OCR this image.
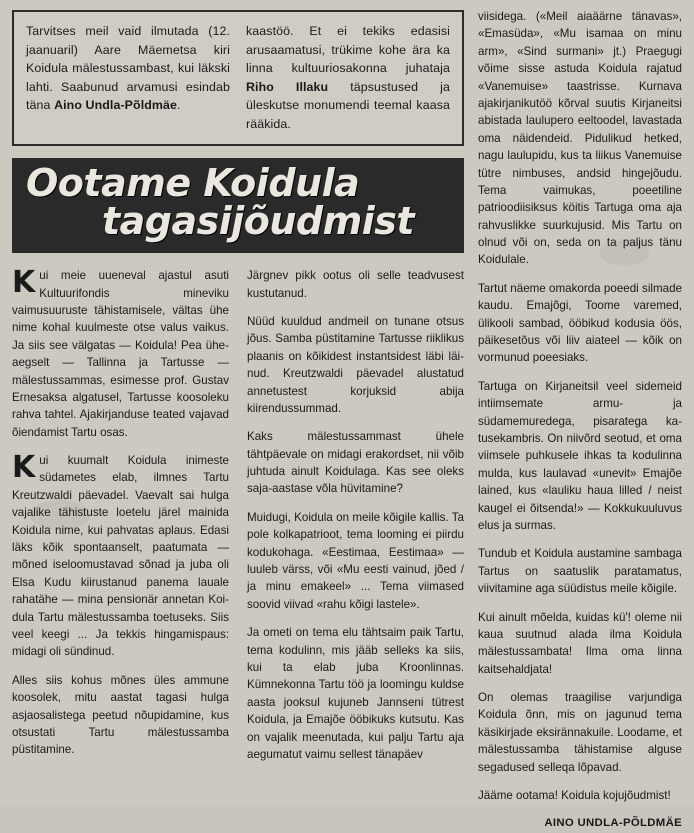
Tarvitses meil vaid ilmutada (12. jaanuaril) Aare Mäemetsa kiri Koidula mälestussambast, kui läkski lahti. Saabunud arvamusi esindab täna Aino Undla-Põldmäe.
kaastöö. Et ei tekiks edasisi arusaamatusi, trükime kohe ära ka linna kultuuriosakonna juhataja Riho Illaku täpsustused ja üleskutse monumendi teemal kaasa rääkida.
Ootame Koidula
tagasijõudmist

Kui meie uueneval ajastul asuti Kultuurifondis mineviku vaimusuuruste tähistamisele, vältas ühe nime kohal kuulmeste otse valus vaikus. Ja siis see välgatas — Koidula! Pea üheaegselt — Tallinna ja Tartusse — mälestussammas, esimesse prof. Gustav Ernesaksa algatusel, Tartusse koosoleku rahva tahtel. Ajakirjanduse teated vajavad õiendamist Tartu osas.

Kui kuumalt Koidula inimeste südametes elab, ilmnes Tartu Kreutzwaldi päevadel. Vaevalt sai hulga vajalike tähistuste loetelu järel mainida Koidula nime, kui pahvatas aplaus. Edasi läks kõik spontaanselt, paatumata — mõned iseloomustavad sõnad ja juba oli Elsa Kudu kiirustanud panema lauale rahatähe — mina pensionär annetan Koidula Tartu mälestussamba toetuseks. Siis veel keegi ... Ja tekkis hingamispaus: midagi oli sündinud.

Alles siis kohus mõnes üles ammune koosolek, mitu aastat tagasi hulga asjaosalistega peetud nõupidamine, kus otsustati Tartu mälestussamba püstitamine.

Järgnev pikk ootus oli selle teadvusest kustutanud.

Nüüd kuuldud andmeil on tunane otsus jõus. Samba püstitamine Tartusse riiklikus plaanis on kõikidest instantsidest läbi läinud. Kreutzwaldi päevadel alustatud annetustest korjuksid abija kiirendussummad.

Kaks mälestussammast ühele tähtpäevale on midagi erakordset, nii võib juhtuda ainult Koidulaga. Kas see oleks saja-aastase võla hüvitamine?

Muidugi, Koidula on meile kõigile kallis. Ta pole kolkapatrioot, tema looming ei piirdu kodukohaga. «Eestimaa, Eestimaa» — luuleb värss, või «Mu eesti vainud, jõed / ja minu emakeel» ... Tema viimased soovid viivad «rahu kõigi lastele».

Ja ometi on tema elu tähtsaim paik Tartu, tema kodulinn, mis jääb selleks ka siis, kui ta elab juba Kroonlinnas. Kümnekonna Tartu töö ja loomingu kuldse aasta jooksul kujuneb Jannseni tütrest Koidula, ja Emajõe ööbikuks kutsutu. Kas on vajalik meenutada, kui palju Tartu aja aegumatut vaimu sellest tänapäev

viisidega. («Meil aiaäärne tänavas», «Emasüda», «Mu isamaa on minu arm», «Sind surmani» jt.) Praegugi võime sisse astuda Koidula rajatud «Vanemuise» taastrisse. Kurnava ajakirjanikutöö kõrval suutis Kirjaneitsi abistada laulupero eeltoodel, lavastada oma näidendeid. Pidulikud hetked, nagu laulupidu, kus ta liikus Vanemuise tütre nimbuses, andsid hingejõudu. Tema vaimukas, poeetiline patrioodiisiksus köitis Tartuga oma aja rahvuslikke suurkujusid. Mis Tartu on olnud või on, seda on ta paljus tänu Koidulale.

Tartut näeme omakorda poeedi silmade kaudu. Emajõgi, Toome varemed, ülikooli sambad, ööbikud kodusia öös, päikesetõus või liiv aiateel — kõik on vormunud poeesiaks.

Tartuga on Kirjaneitsil veel sidemeid intiimsemate armu- ja südamemuredega, pisaratega katusekambris. On niivõrd seotud, et oma viimsele puhkusele ihkas ta kodulinna mulda, kus laulavad «unevit» Emajõe lained, kus «lauliku haua lilled / neist kaugel ei õitsenda!» — Kokkukuuluvus elus ja surmas.

Tundub et Koidula austamine sambaga Tartus on saatuslik paratamatus, viivitamine aga süüdistus meile kõigile.

Kui ainult mõelda, kuidas kü'! oleme nii kaua suutnud alada ilma Koidula mälestussambata! Ilma oma linna kaitsehaldjata!

On olemas traagilise varjundiga Koidula õnn, mis on jagunud tema käsikirjade eksirännakuile. Loodame, et mälestussamba tähistamise alguse segadused selleqa lõpavad.

Jääme ootama! Koidula kojujõudmist!

AINO UNDLA-PÕLDMÄE
